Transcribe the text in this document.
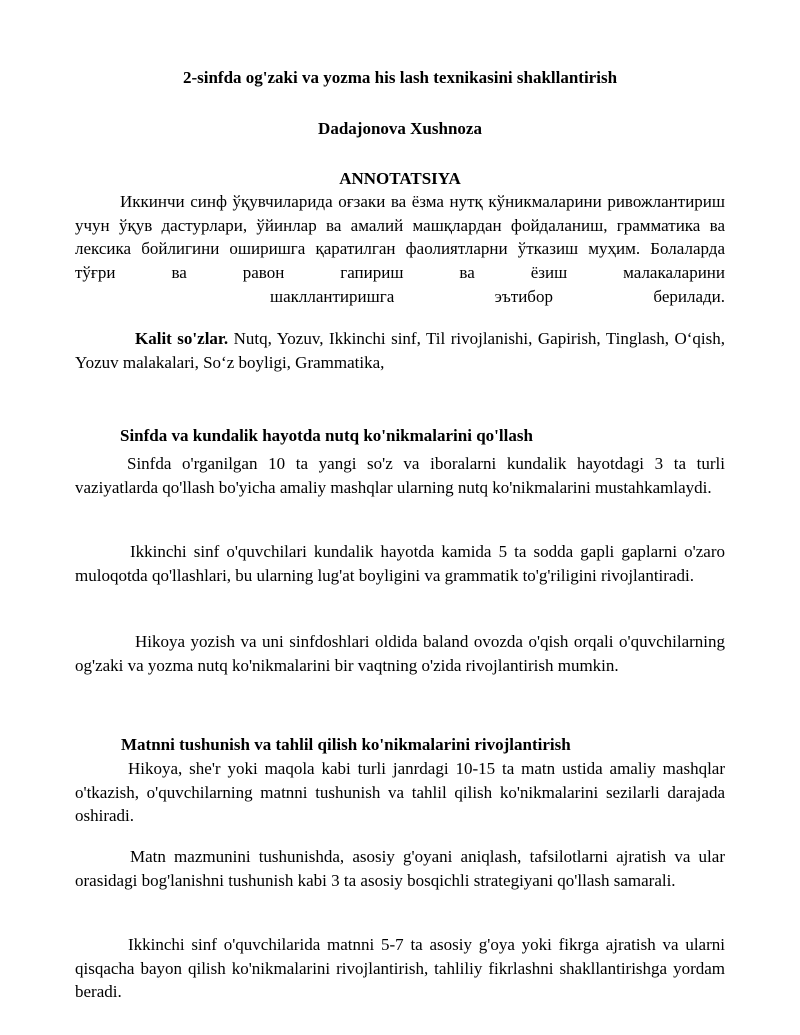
2-sinfda og'zaki va yozma his lash texnikasini shakllantirish
Dadajonova Xushnoza
ANNOTATSIYA
Иккинчи синф ўқувчиларида оғзаки ва ёзма нутқ кўникмаларини ривожлантириш учун ўқув дастурлари, ўйинлар ва амалий машқлардан фойдаланиш, грамматика ва лексика бойлигини оширишга қаратилган фаолиятларни ўтказиш муҳим. Болаларда тўғри ва равон гапириш ва ёзиш малакаларини
шакллантиришга эътибор берилади.
Kalit so'zlar. Nutq, Yozuv, Ikkinchi sinf, Til rivojlanishi, Gapirish, Tinglash, O‘qish, Yozuv malakalari, So‘z boyligi, Grammatika,
Sinfda va kundalik hayotda nutq ko'nikmalarini qo'llash
Sinfda o'rganilgan 10 ta yangi so'z va iboralarni kundalik hayotdagi 3 ta turli vaziyatlarda qo'llash bo'yicha amaliy mashqlar ularning nutq ko'nikmalarini mustahkamlaydi.
Ikkinchi sinf o'quvchilari kundalik hayotda kamida 5 ta sodda gapli gaplarni o'zaro muloqotda qo'llashlari, bu ularning lug'at boyligini va grammatik to'g'riligini rivojlantiradi.
Hikoya yozish va uni sinfdoshlari oldida baland ovozda o'qish orqali o'quvchilarning og'zaki va yozma nutq ko'nikmalarini bir vaqtning o'zida rivojlantirish mumkin.
Matnni tushunish va tahlil qilish ko'nikmalarini rivojlantirish
Hikoya, she'r yoki maqola kabi turli janrdagi 10-15 ta matn ustida amaliy mashqlar o'tkazish, o'quvchilarning matnni tushunish va tahlil qilish ko'nikmalarini sezilarli darajada oshiradi.
Matn mazmunini tushunishda, asosiy g'oyani aniqlash, tafsilotlarni ajratish va ular orasidagi bog'lanishni tushunish kabi 3 ta asosiy bosqichli strategiyani qo'llash samarali.
Ikkinchi sinf o'quvchilarida matnni 5-7 ta asosiy g'oya yoki fikrga ajratish va ularni qisqacha bayon qilish ko'nikmalarini rivojlantirish, tahliliy fikrlashni shakllantirishga yordam beradi.
